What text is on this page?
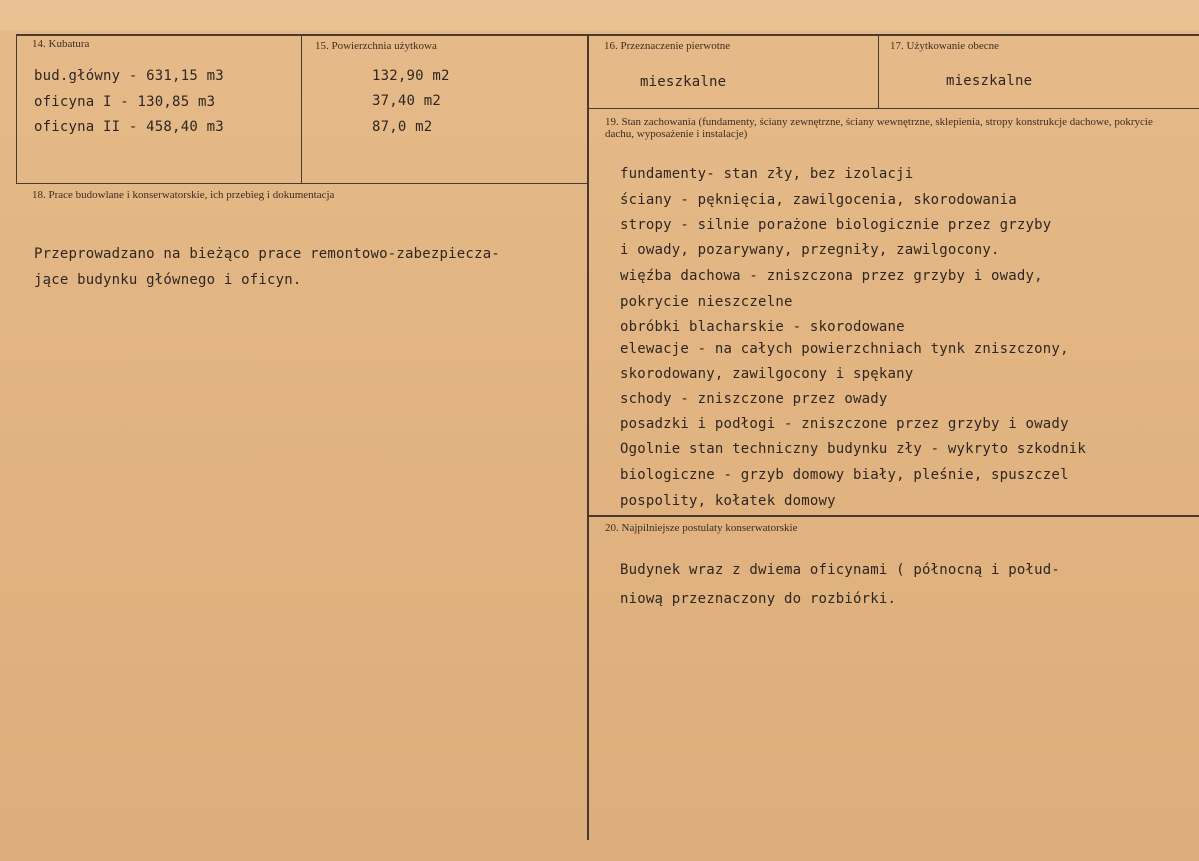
14. Kubatura
bud.główny - 631,15 m3
oficyna I - 130,85 m3
oficyna II - 458,40 m3
15. Powierzchnia użytkowa
132,90 m2
37,40 m2
87,0 m2
16. Przeznaczenie pierwotne
mieszkalne
17. Użytkowanie obecne
mieszkalne
18. Prace budowlane i konserwatorskie, ich przebieg i dokumentacja
Przeprowadzano na bieżąco prace remontowo-zabezpiecza-
jące budynku głównego i oficyn.
19. Stan zachowania (fundamenty, ściany zewnętrzne, ściany wewnętrzne, sklepienia, stropy konstrukcje dachowe, pokrycie dachu, wyposażenie i instalacje)
fundamenty- stan zły, bez izolacji
ściany - pęknięcia, zawilgocenia, skorodowania
stropy - silnie porażone biologicznie przez grzyby
i owady, pozarywany, przegniły, zawilgocony.
więźba dachowa - zniszczona przez grzyby i owady,
pokrycie nieszczelne
obróbki blacharskie - skorodowane
elewacje - na całych powierzchniach tynk zniszczony,
skorodowany, zawilgocony i spękany
schody - zniszczone przez owady
posadzki i podłogi - zniszczone przez grzyby i owady
Ogolnie stan techniczny budynku zły - wykryto szkodnik
biologiczne - grzyb domowy biały, pleśnie, spuszczel
pospolity, kołatek domowy
20. Najpilniejsze postulaty konserwatorskie
Budynek wraz z dwiema oficynami ( północną i połud-
niową przeznaczony do rozbiórki.
